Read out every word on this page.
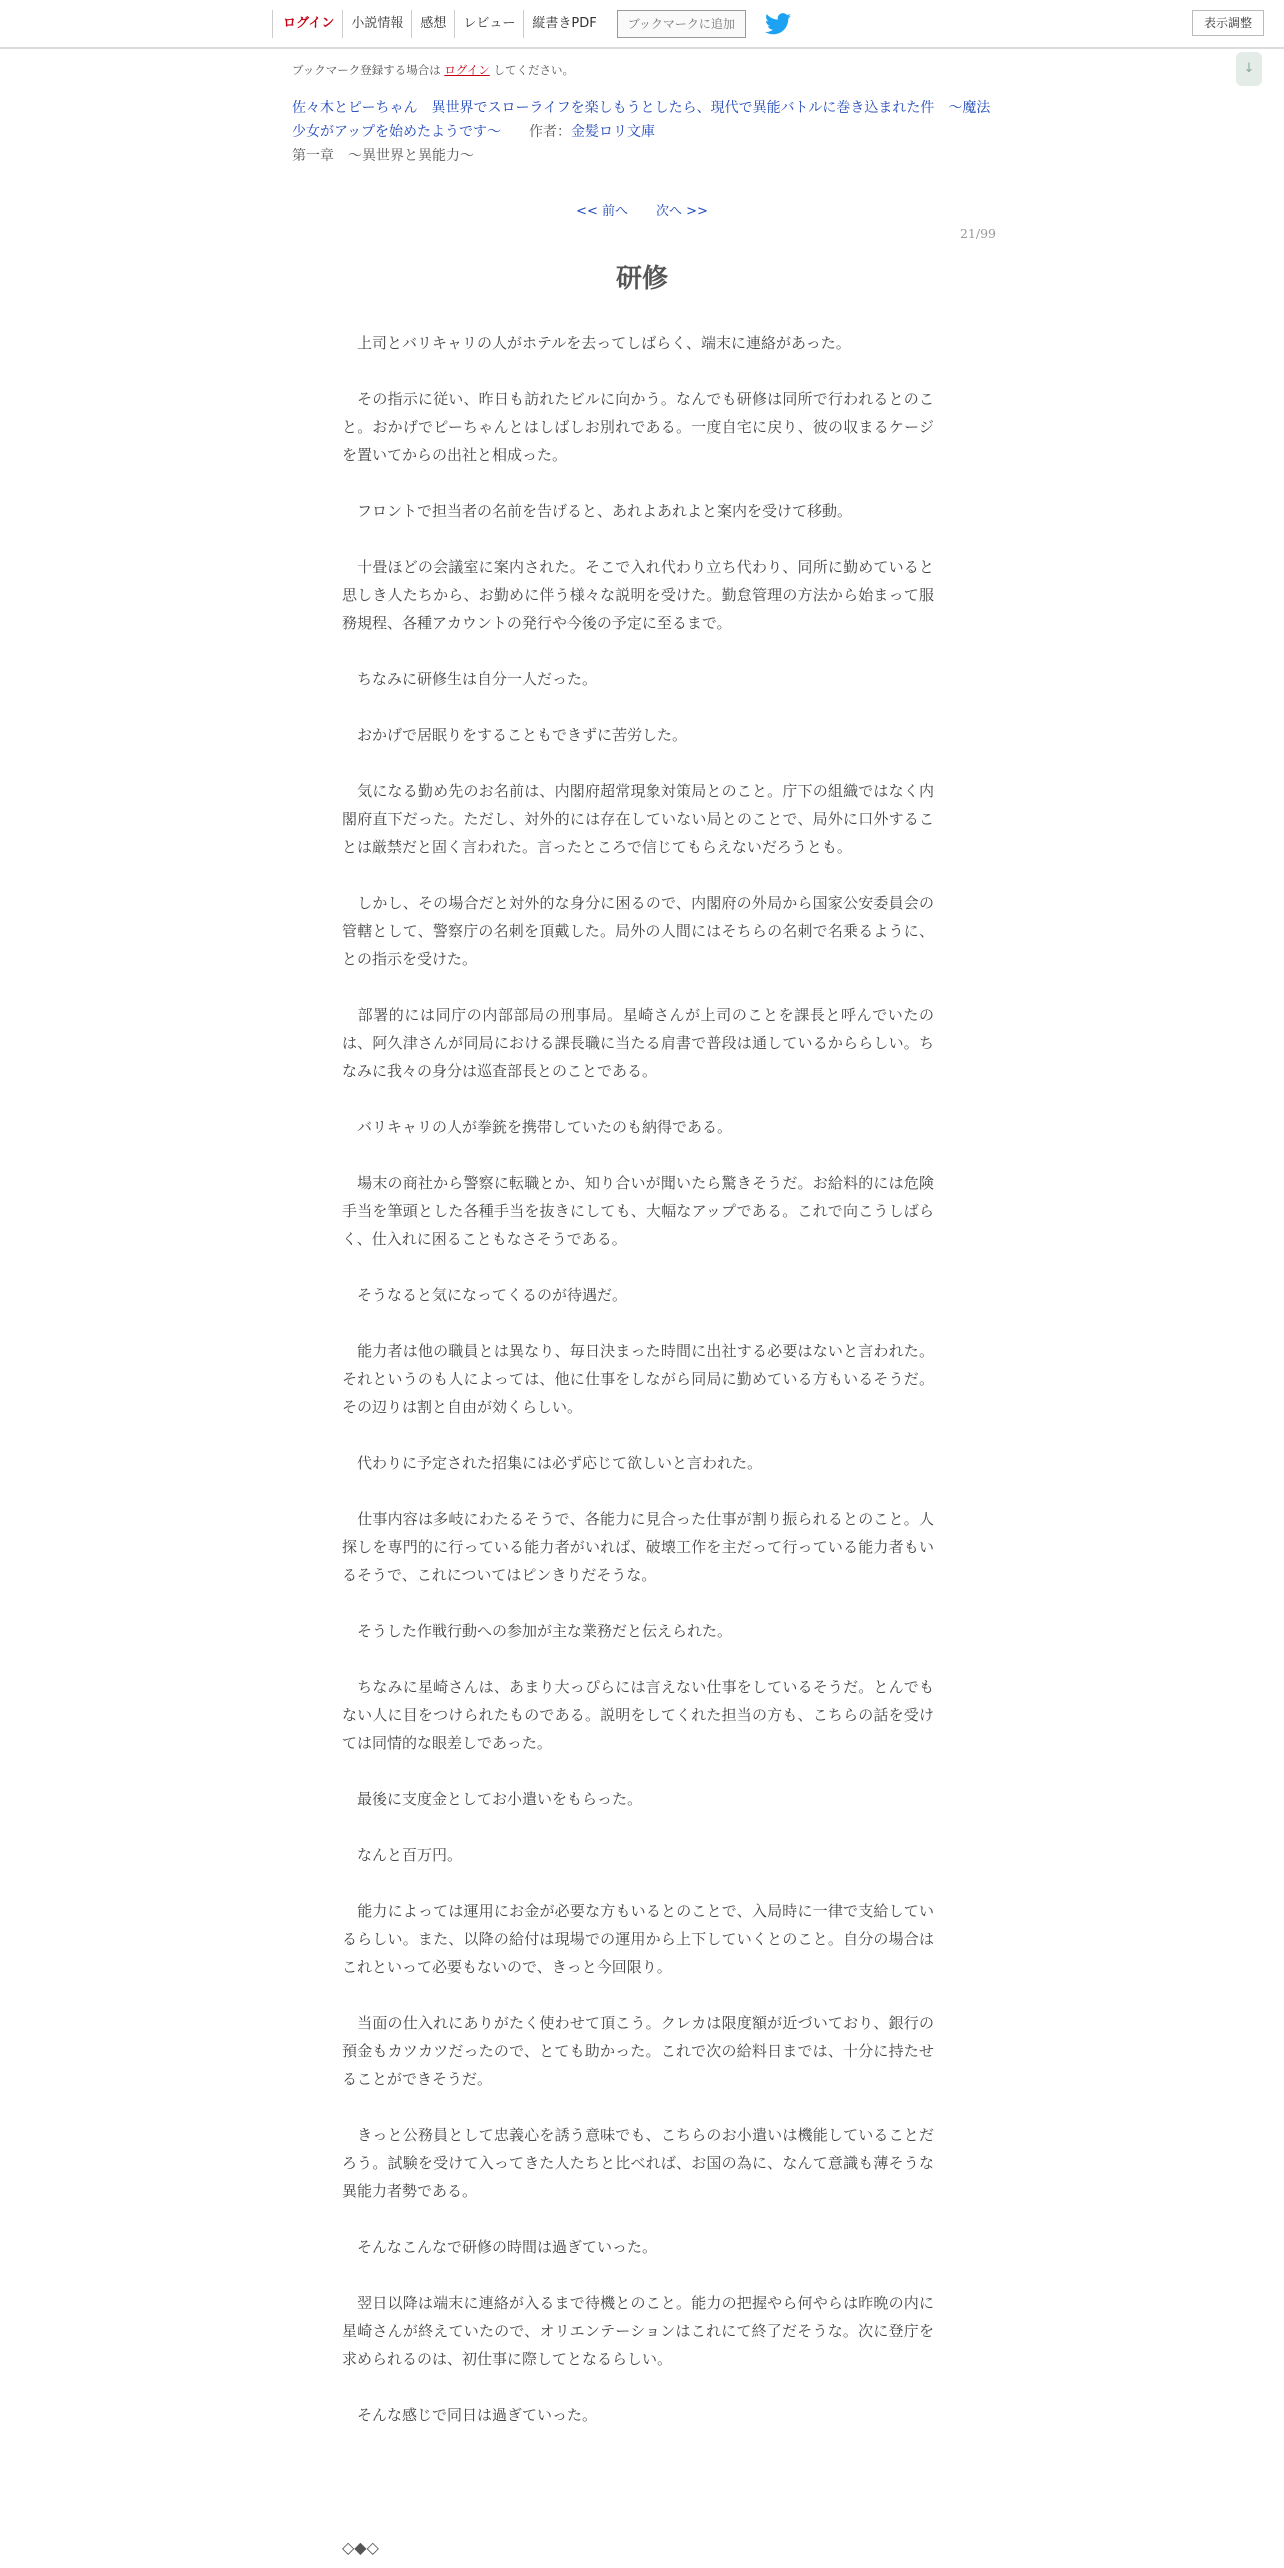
ログイン	小説情報	感想	レビュー	縦書きPDF	ブックマークに追加	表示調整
↓
ブックマーク登録する場合は ログイン してください。
佐々木とピーちゃん　異世界でスローライフを楽しもうとしたら、現代で異能バトルに巻き込まれた件　～魔法少女がアップを始めたようです～　　 作者：金髪ロリ文庫
第一章　～異世界と異能力～
<< 前へ 次へ >>
21/99
研修

　上司とバリキャリの人がホテルを去ってしばらく、端末に連絡があった。

　その指示に従い、昨日も訪れたビルに向かう。なんでも研修は同所で行われるとのこと。おかげでピーちゃんとはしばしお別れである。一度自宅に戻り、彼の収まるケージを置いてからの出社と相成った。

　フロントで担当者の名前を告げると、あれよあれよと案内を受けて移動。

　十畳ほどの会議室に案内された。そこで入れ代わり立ち代わり、同所に勤めていると思しき人たちから、お勤めに伴う様々な説明を受けた。勤怠管理の方法から始まって服務規程、各種アカウントの発行や今後の予定に至るまで。

　ちなみに研修生は自分一人だった。

　おかげで居眠りをすることもできずに苦労した。

　気になる勤め先のお名前は、内閣府超常現象対策局とのこと。庁下の組織ではなく内閣府直下だった。ただし、対外的には存在していない局とのことで、局外に口外することは厳禁だと固く言われた。言ったところで信じてもらえないだろうとも。

　しかし、その場合だと対外的な身分に困るので、内閣府の外局から国家公安委員会の管轄として、警察庁の名刺を頂戴した。局外の人間にはそちらの名刺で名乗るように、との指示を受けた。

　部署的には同庁の内部部局の刑事局。星崎さんが上司のことを課長と呼んでいたのは、阿久津さんが同局における課長職に当たる肩書で普段は通しているかららしい。ちなみに我々の身分は巡査部長とのことである。

　バリキャリの人が拳銃を携帯していたのも納得である。

　場末の商社から警察に転職とか、知り合いが聞いたら驚きそうだ。お給料的には危険手当を筆頭とした各種手当を抜きにしても、大幅なアップである。これで向こうしばらく、仕入れに困ることもなさそうである。

　そうなると気になってくるのが待遇だ。

　能力者は他の職員とは異なり、毎日決まった時間に出社する必要はないと言われた。それというのも人によっては、他に仕事をしながら同局に勤めている方もいるそうだ。その辺りは割と自由が効くらしい。

　代わりに予定された招集には必ず応じて欲しいと言われた。

　仕事内容は多岐にわたるそうで、各能力に見合った仕事が割り振られるとのこと。人探しを専門的に行っている能力者がいれば、破壊工作を主だって行っている能力者もいるそうで、これについてはピンきりだそうな。

　そうした作戦行動への参加が主な業務だと伝えられた。

　ちなみに星崎さんは、あまり大っぴらには言えない仕事をしているそうだ。とんでもない人に目をつけられたものである。説明をしてくれた担当の方も、こちらの話を受けては同情的な眼差しであった。

　最後に支度金としてお小遣いをもらった。

　なんと百万円。

　能力によっては運用にお金が必要な方もいるとのことで、入局時に一律で支給しているらしい。また、以降の給付は現場での運用から上下していくとのこと。自分の場合はこれといって必要もないので、きっと今回限り。

　当面の仕入れにありがたく使わせて頂こう。クレカは限度額が近づいており、銀行の預金もカツカツだったので、とても助かった。これで次の給料日までは、十分に持たせることができそうだ。

　きっと公務員として忠義心を誘う意味でも、こちらのお小遣いは機能していることだろう。試験を受けて入ってきた人たちと比べれば、お国の為に、なんて意識も薄そうな異能力者勢である。

　そんなこんなで研修の時間は過ぎていった。

　翌日以降は端末に連絡が入るまで待機とのこと。能力の把握やら何やらは昨晩の内に星崎さんが終えていたので、オリエンテーションはこれにて終了だそうな。次に登庁を求められるのは、初仕事に際してとなるらしい。

　そんな感じで同日は過ぎていった。

◇◆◇
